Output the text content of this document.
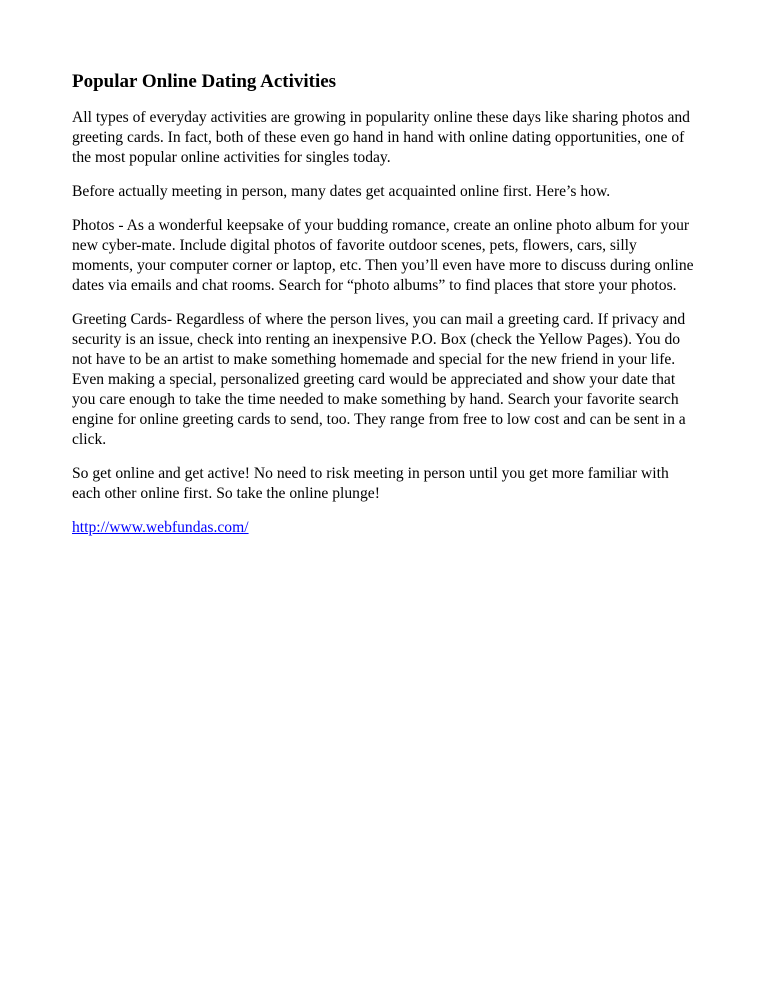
Popular Online Dating Activities

All types of everyday activities are growing in popularity online these days like sharing photos and greeting cards. In fact, both of these even go hand in hand with online dating opportunities, one of the most popular online activities for singles today.

Before actually meeting in person, many dates get acquainted online first. Here’s how.

Photos - As a wonderful keepsake of your budding romance, create an online photo album for your new cyber-mate. Include digital photos of favorite outdoor scenes, pets, flowers, cars, silly moments, your computer corner or laptop, etc. Then you’ll even have more to discuss during online dates via emails and chat rooms. Search for “photo albums” to find places that store your photos.

Greeting Cards- Regardless of where the person lives, you can mail a greeting card. If privacy and security is an issue, check into renting an inexpensive P.O. Box (check the Yellow Pages). You do not have to be an artist to make something homemade and special for the new friend in your life. Even making a special, personalized greeting card would be appreciated and show your date that you care enough to take the time needed to make something by hand. Search your favorite search engine for online greeting cards to send, too. They range from free to low cost and can be sent in a click.

So get online and get active! No need to risk meeting in person until you get more familiar with each other online first. So take the online plunge!

http://www.webfundas.com/
